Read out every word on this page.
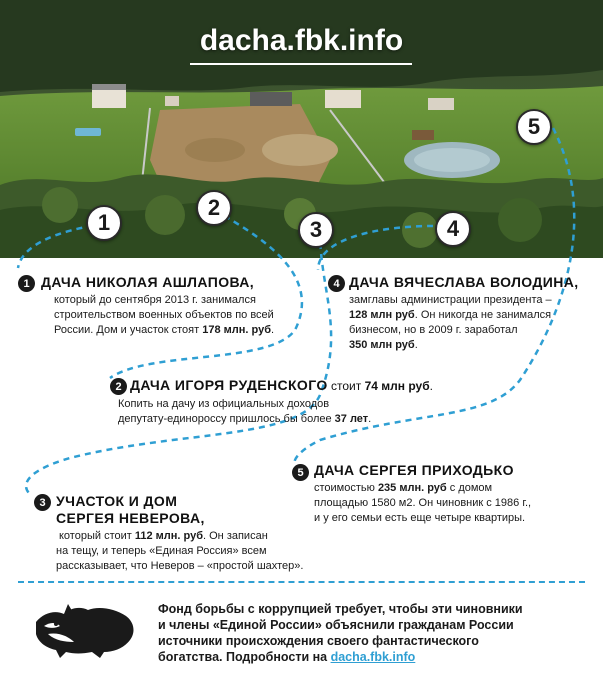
dacha.fbk.info
1
2
3	4
5
1 ДАЧА НИКОЛАЯ АШЛАПОВА,
который до сентября 2013 г. занимался
строительством военных объектов по всей
России. Дом и участок стоят 178 млн. руб.
4 ДАЧА ВЯЧЕСЛАВА ВОЛОДИНА,
замглавы администрации президента –
128 млн руб. Он никогда не занимался
бизнесом, но в 2009 г. заработал
350 млн руб.
2 ДАЧА ИГОРЯ РУДЕНСКОГО стоит 74 млн руб.
Копить на дачу из официальных доходов
депутату-единороссу пришлось бы более 37 лет.
5 ДАЧА СЕРГЕЯ ПРИХОДЬКО
стоимостью 235 млн. руб с домом
площадью 1580 м2. Он чиновник с 1986 г.,
и у его семьи есть еще четыре квартиры.
3 УЧАСТОК И ДОМ
СЕРГЕЯ НЕВЕРОВА,
который стоит 112 млн. руб. Он записан
на тещу, и теперь «Единая Россия» всем
рассказывает, что Неверов – «простой шахтер».
Фонд борьбы с коррупцией требует, чтобы эти чиновники
и члены «Единой России» объяснили гражданам России
источники происхождения своего фантастического
богатства. Подробности на dacha.fbk.info
